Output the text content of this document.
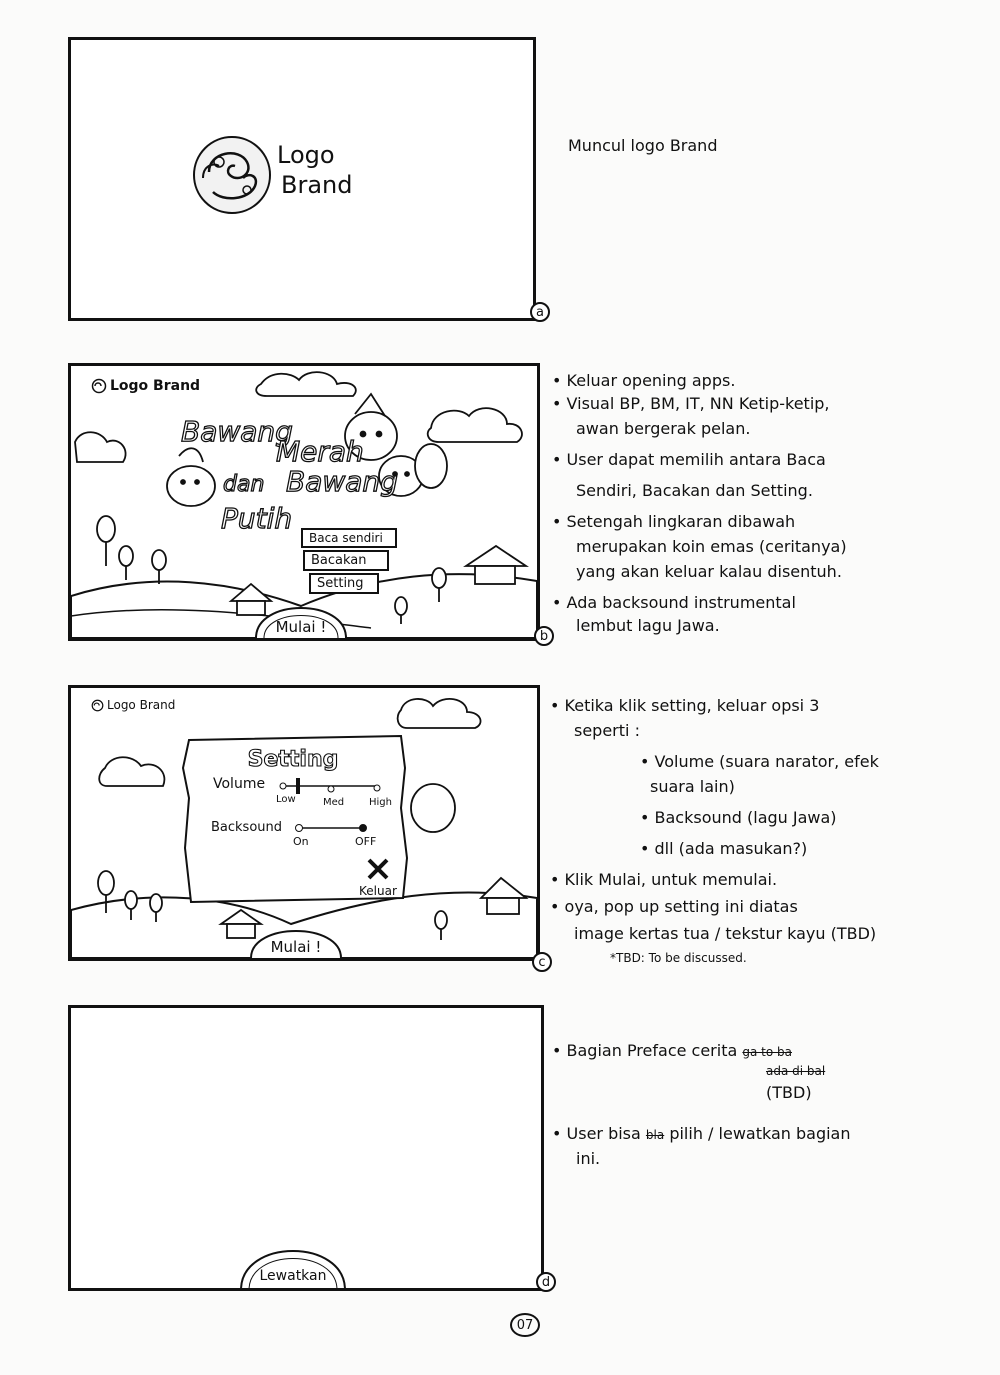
Logo
Brand
a
Muncul logo Brand
Bawang
Merah
dan Bawang
Putih
Mulai !
Logo Brand
Baca sendiri
Bacakan
Setting
b
• Keluar opening apps.
• Visual BP, BM, IT, NN Ketip-ketip,
awan bergerak pelan.
• User dapat memilih antara Baca
Sendiri, Bacakan dan Setting.
• Setengah lingkaran dibawah
merupakan koin emas (ceritanya)
yang akan keluar kalau disentuh.
• Ada backsound instrumental
lembut lagu Jawa.
Mulai !
Setting
Volume
Low	Med High
Backsound
On	OFF
Keluar
Logo Brand
c
• Ketika klik setting, keluar opsi 3
seperti :
• Volume (suara narator, efek
suara lain)
• Backsound (lagu Jawa)
• dll (ada masukan?)
• Klik Mulai, untuk memulai.
• oya, pop up setting ini diatas
image kertas tua / tekstur kayu (TBD)
*TBD: To be discussed.
Lewatkan	d
• Bagian Preface cerita ga to ba
ada di bal
(TBD)
• User bisa bla pilih / lewatkan bagian
ini.
07
